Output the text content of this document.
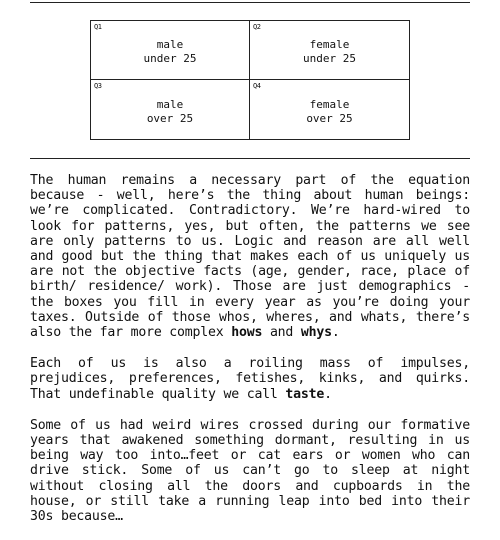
Q1
male
under 25
Q2
female
under 25
Q3
male
over 25
Q4
female
over 25

The human remains a necessary part of the equation because - well, here’s the thing about human beings: we’re complicated. Contradictory. We’re hard-wired to look for patterns, yes, but often, the patterns we see are only patterns to us. Logic and reason are all well and good but the thing that makes each of us uniquely us are not the objective facts (age, gender, race, place of birth/ residence/ work). Those are just demographics - the boxes you fill in every year as you’re doing your taxes. Outside of those whos, wheres, and whats, there’s also the far more complex hows and whys.

Each of us is also a roiling mass of impulses, prejudices, preferences, fetishes, kinks, and quirks. That undefinable quality we call taste.

Some of us had weird wires crossed during our formative years that awakened something dormant, resulting in us being way too into…feet or cat ears or women who can drive stick. Some of us can’t go to sleep at night without closing all the doors and cupboards in the house, or still take a running leap into bed into their 30s because…
